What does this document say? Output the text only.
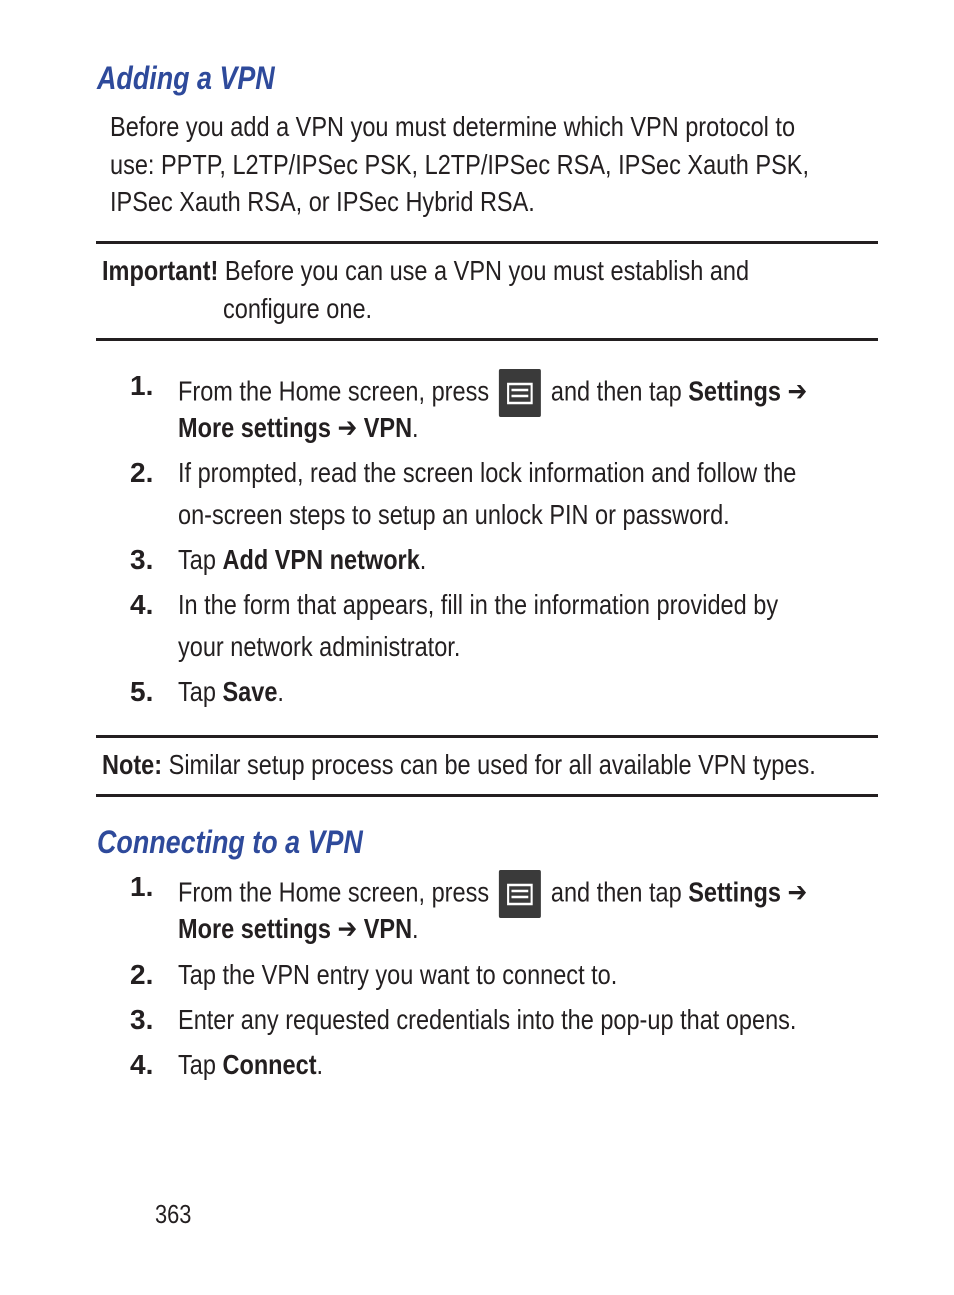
Adding a VPN
Before you add a VPN you must determine which VPN protocol to
use: PPTP, L2TP/IPSec PSK, L2TP/IPSec RSA, IPSec Xauth PSK,
IPSec Xauth RSA, or IPSec Hybrid RSA.
Important! Before you can use a VPN you must establish and
configure one.
1. From the Home screen, press
and then tap Settings ➔
More settings ➔ VPN.
2. If prompted, read the screen lock information and follow the
on-screen steps to setup an unlock PIN or password.
3. Tap Add VPN network.
4. In the form that appears, fill in the information provided by
your network administrator.
5. Tap Save.
Note: Similar setup process can be used for all available VPN types.
Connecting to a VPN
1. From the Home screen, press
and then tap Settings ➔
More settings ➔ VPN.
2. Tap the VPN entry you want to connect to.
3. Enter any requested credentials into the pop-up that opens.
4. Tap Connect.
363
